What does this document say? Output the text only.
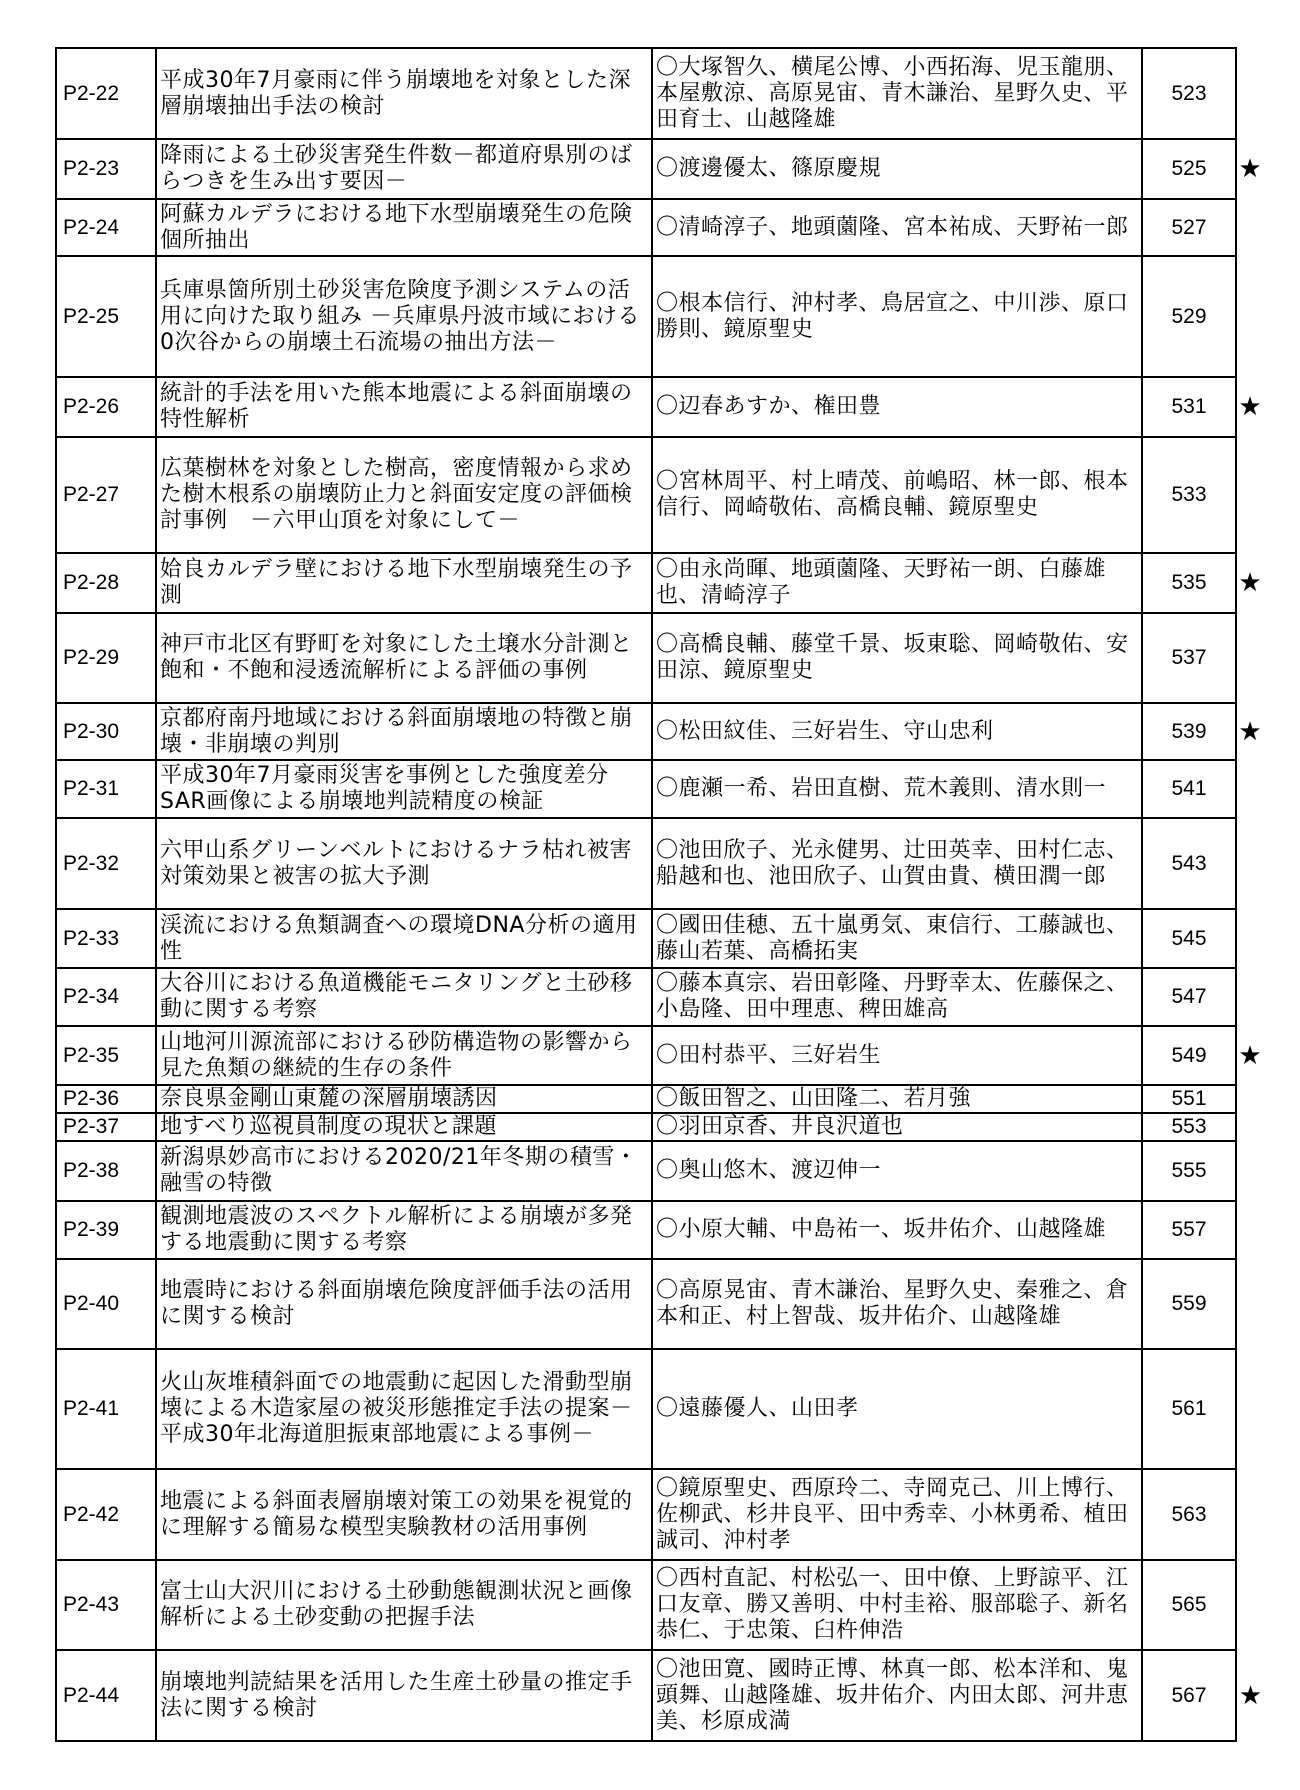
P2-22	平成30年7月豪雨に伴う崩壊地を対象とした深層崩壊抽出手法の検討	〇大塚智久、横尾公博、小西拓海、児玉龍朋、本屋敷涼、高原晃宙、青木謙治、星野久史、平田育士、山越隆雄	523	
P2-23	降雨による土砂災害発生件数－都道府県別のばらつきを生み出す要因－	〇渡邊優太、篠原慶規	525	★
P2-24	阿蘇カルデラにおける地下水型崩壊発生の危険個所抽出	〇清崎淳子、地頭薗隆、宮本祐成、天野祐一郎	527	
P2-25	兵庫県箇所別土砂災害危険度予測システムの活用に向けた取り組み －兵庫県丹波市域における0次谷からの崩壊土石流場の抽出方法－	〇根本信行、沖村孝、鳥居宣之、中川渉、原口勝則、鏡原聖史	529	
P2-26	統計的手法を用いた熊本地震による斜面崩壊の特性解析	〇辺春あすか、権田豊	531	★
P2-27	広葉樹林を対象とした樹高，密度情報から求めた樹木根系の崩壊防止力と斜面安定度の評価検討事例　－六甲山頂を対象にして－	〇宮林周平、村上晴茂、前嶋昭、林一郎、根本信行、岡崎敬佑、高橋良輔、鏡原聖史	533	
P2-28	姶良カルデラ壁における地下水型崩壊発生の予測	〇由永尚暉、地頭薗隆、天野祐一朗、白藤雄也、清崎淳子	535	★
P2-29	神戸市北区有野町を対象にした土壌水分計測と飽和・不飽和浸透流解析による評価の事例	〇高橋良輔、藤堂千景、坂東聡、岡崎敬佑、安田涼、鏡原聖史	537	
P2-30	京都府南丹地域における斜面崩壊地の特徴と崩壊・非崩壊の判別	〇松田紋佳、三好岩生、守山忠利	539	★
P2-31	平成30年7月豪雨災害を事例とした強度差分SAR画像による崩壊地判読精度の検証	〇鹿瀬一希、岩田直樹、荒木義則、清水則一	541	
P2-32	六甲山系グリーンベルトにおけるナラ枯れ被害対策効果と被害の拡大予測	〇池田欣子、光永健男、辻田英幸、田村仁志、船越和也、池田欣子、山賀由貴、横田潤一郎	543	
P2-33	渓流における魚類調査への環境DNA分析の適用性	〇國田佳穂、五十嵐勇気、東信行、工藤誠也、藤山若葉、高橋拓実	545	
P2-34	大谷川における魚道機能モニタリングと土砂移動に関する考察	〇藤本真宗、岩田彰隆、丹野幸太、佐藤保之、小島隆、田中理恵、稗田雄高	547	
P2-35	山地河川源流部における砂防構造物の影響から見た魚類の継続的生存の条件	〇田村恭平、三好岩生	549	★
P2-36	奈良県金剛山東麓の深層崩壊誘因	〇飯田智之、山田隆二、若月強	551	
P2-37	地すべり巡視員制度の現状と課題	〇羽田京香、井良沢道也	553	
P2-38	新潟県妙高市における2020/21年冬期の積雪・融雪の特徴	〇奥山悠木、渡辺伸一	555	
P2-39	観測地震波のスペクトル解析による崩壊が多発する地震動に関する考察	〇小原大輔、中島祐一、坂井佑介、山越隆雄	557	
P2-40	地震時における斜面崩壊危険度評価手法の活用に関する検討	〇高原晃宙、青木謙治、星野久史、秦雅之、倉本和正、村上智哉、坂井佑介、山越隆雄	559	
P2-41	火山灰堆積斜面での地震動に起因した滑動型崩壊による木造家屋の被災形態推定手法の提案－平成30年北海道胆振東部地震による事例－	〇遠藤優人、山田孝	561	
P2-42	地震による斜面表層崩壊対策工の効果を視覚的に理解する簡易な模型実験教材の活用事例	〇鏡原聖史、西原玲二、寺岡克己、川上博行、佐柳武、杉井良平、田中秀幸、小林勇希、植田誠司、沖村孝	563	
P2-43	富士山大沢川における土砂動態観測状況と画像解析による土砂変動の把握手法	〇西村直記、村松弘一、田中僚、上野諒平、江口友章、勝又善明、中村圭裕、服部聡子、新名恭仁、于忠策、臼杵伸浩	565	
P2-44	崩壊地判読結果を活用した生産土砂量の推定手法に関する検討	〇池田寛、國時正博、林真一郎、松本洋和、鬼頭舞、山越隆雄、坂井佑介、内田太郎、河井恵美、杉原成満	567	★
